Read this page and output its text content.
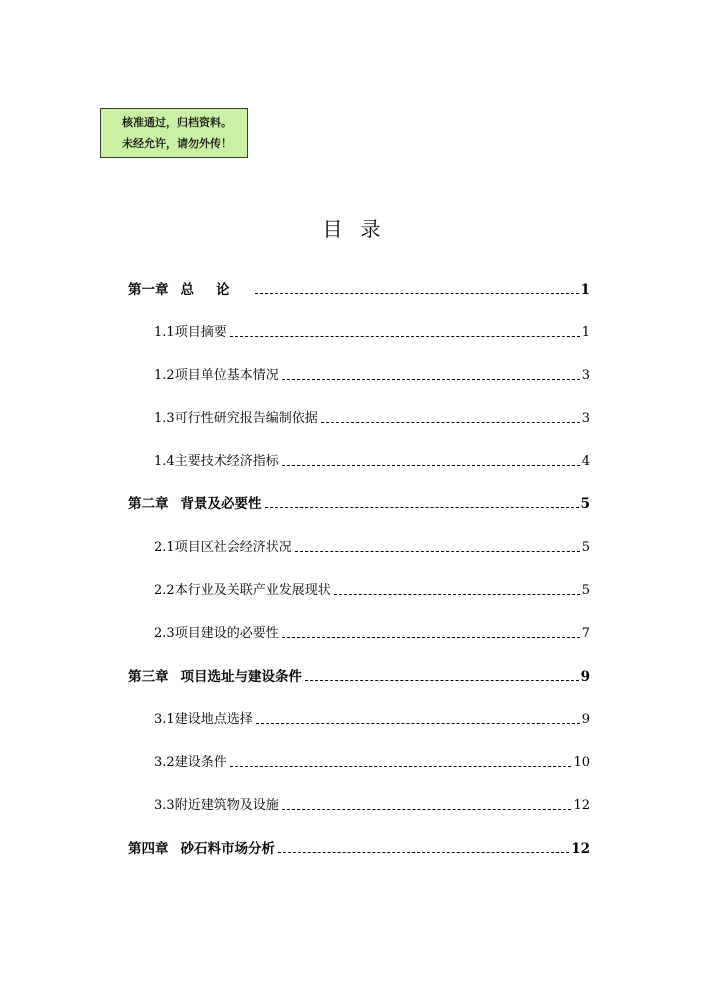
核准通过，归档资料。
未经允许，请勿外传！
目录
第一章 总论	1
1.1项目摘要	1
1.2项目单位基本情况	3
1.3可行性研究报告编制依据	3
1.4主要技术经济指标	4
第二章 背景及必要性	5
2.1项目区社会经济状况	5
2.2本行业及关联产业发展现状	5
2.3项目建设的必要性	7
第三章 项目选址与建设条件	9
3.1建设地点选择	9
3.2建设条件	10
3.3附近建筑物及设施	12
第四章 砂石料市场分析	12
